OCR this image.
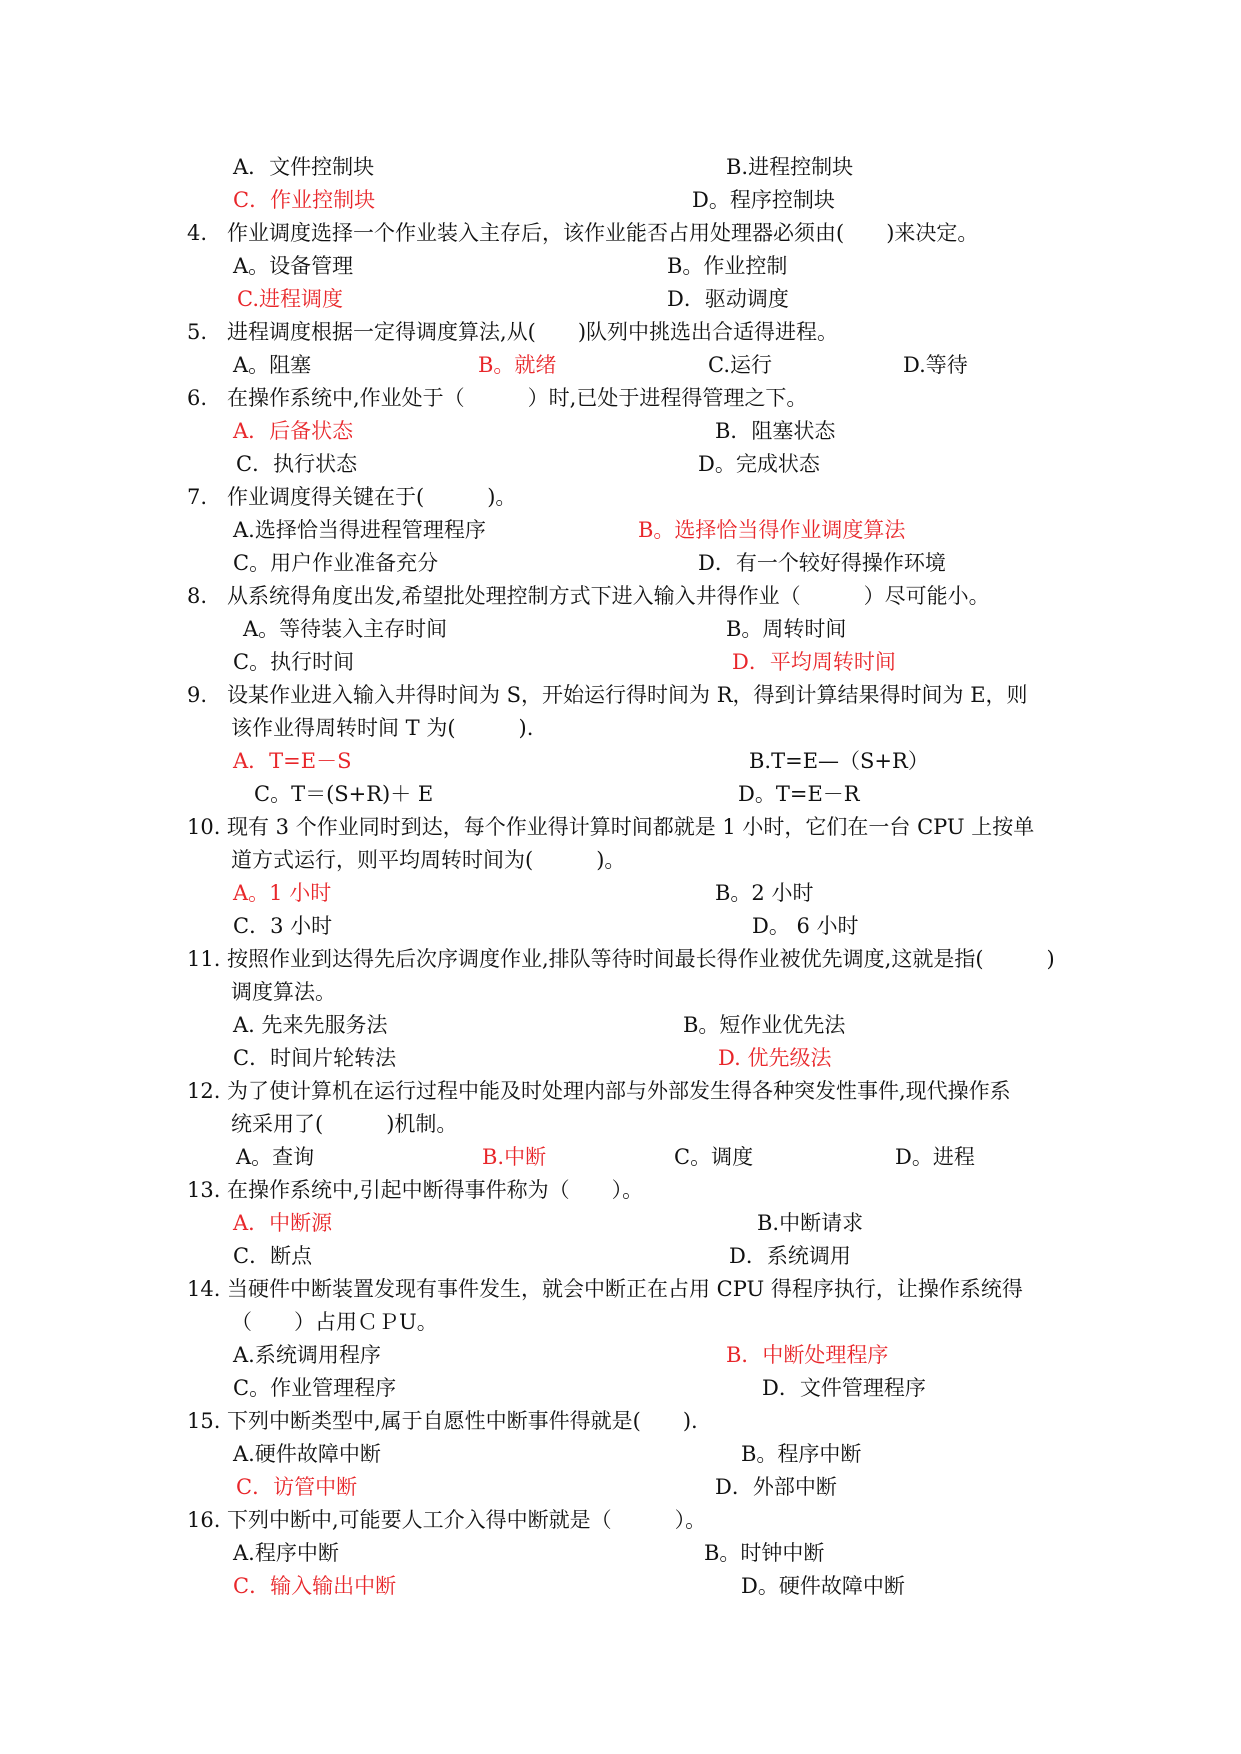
A．文件控制块	B.进程控制块
C．作业控制块	D。程序控制块
4. 作业调度选择一个作业装入主存后，该作业能否占用处理器必须由(　　)来决定。
A。设备管理	B。作业控制
C.进程调度	D．驱动调度
5. 进程调度根据一定得调度算法,从(　　)队列中挑选出合适得进程。
A。阻塞	B。就绪	C.运行	D.等待
6. 在操作系统中,作业处于（　　　）时,已处于进程得管理之下。
A．后备状态	B．阻塞状态
C．执行状态	D。完成状态
7. 作业调度得关键在于(　　　)。
A.选择恰当得进程管理程序	B。选择恰当得作业调度算法
C。用户作业准备充分	D．有一个较好得操作环境
8. 从系统得角度出发,希望批处理控制方式下进入输入井得作业（　　　）尽可能小。
A。等待装入主存时间	B。周转时间
C。执行时间	D．平均周转时间
9. 设某作业进入输入井得时间为 S，开始运行得时间为 R，得到计算结果得时间为 E，则
该作业得周转时间 T 为(　　　).
A．T=E－S	B.T=E—（S+R）
C。T＝(S+R)＋ E	D。T=E－R
10. 现有 3 个作业同时到达，每个作业得计算时间都就是 1 小时，它们在一台 CPU 上按单
道方式运行，则平均周转时间为(　　　)。
A。1 小时	B。2 小时
C．3 小时	D。 6 小时
11. 按照作业到达得先后次序调度作业,排队等待时间最长得作业被优先调度,这就是指(　　　)
调度算法。
A. 先来先服务法	B。短作业优先法
C．时间片轮转法	D. 优先级法
12. 为了使计算机在运行过程中能及时处理内部与外部发生得各种突发性事件,现代操作系
统采用了(　　　)机制。
A。查询	B.中断	C。调度	D。进程
13. 在操作系统中,引起中断得事件称为（　　）。
A．中断源	B.中断请求
C．断点	D．系统调用
14. 当硬件中断装置发现有事件发生，就会中断正在占用 CPU 得程序执行，让操作系统得
（　　）占用ＣＰU。
A.系统调用程序	B．中断处理程序
C。作业管理程序	D．文件管理程序
15. 下列中断类型中,属于自愿性中断事件得就是(　　).
A.硬件故障中断	B。程序中断
C．访管中断	D．外部中断
16. 下列中断中,可能要人工介入得中断就是（　　　）。
A.程序中断	B。时钟中断
C．输入输出中断	D。硬件故障中断
